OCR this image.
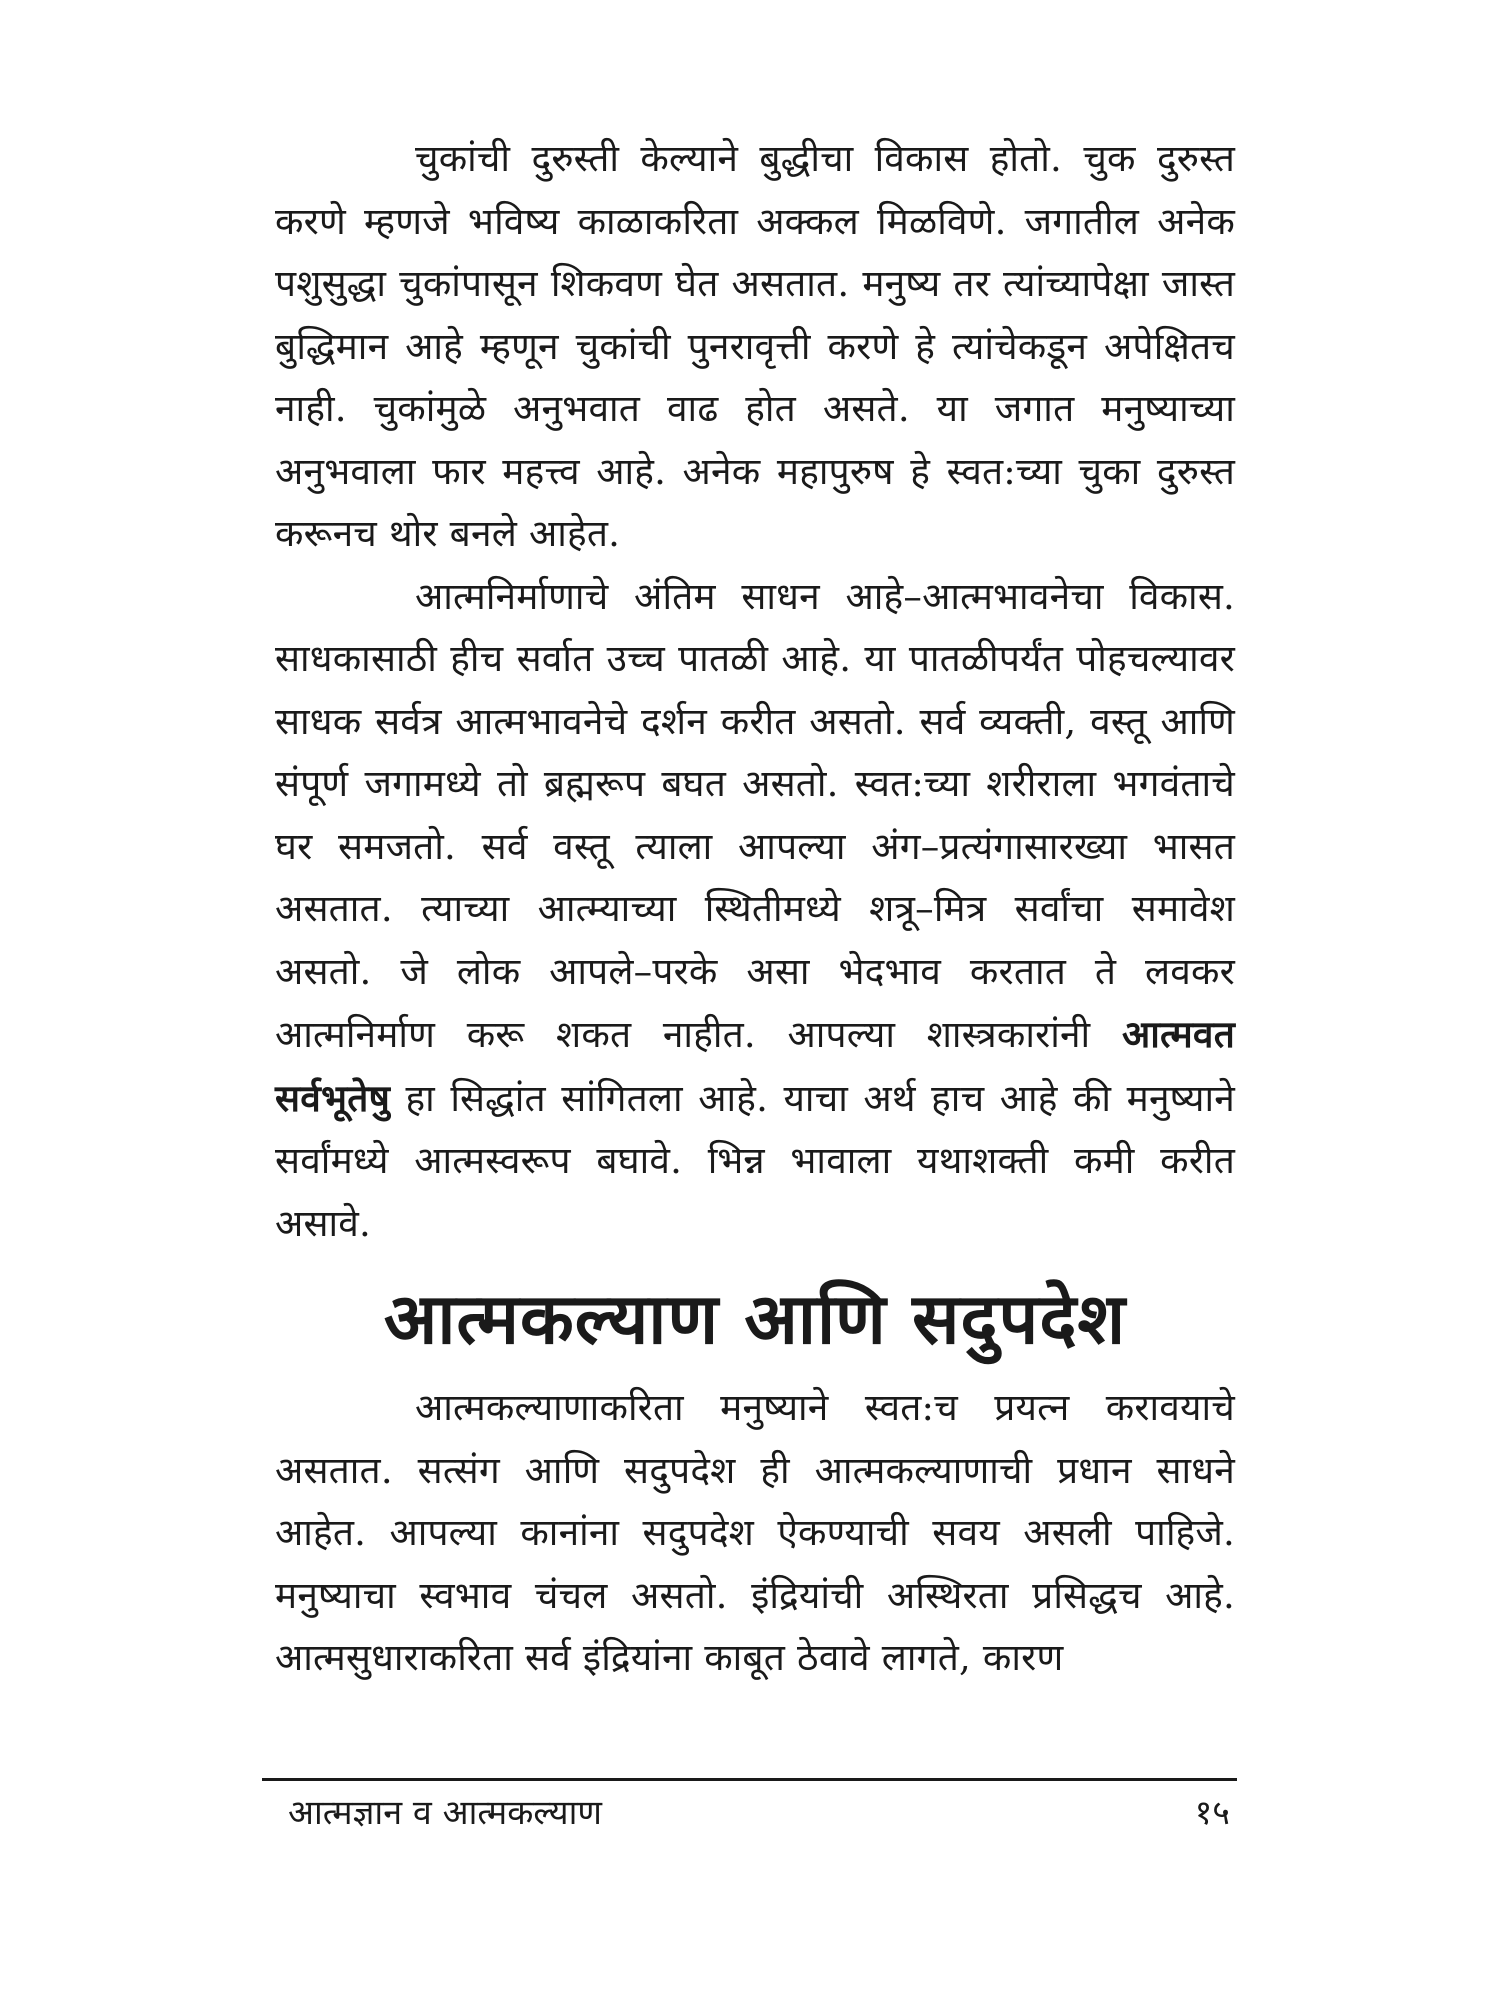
चुकांची दुरुस्ती केल्याने बुद्धीचा विकास होतो. चुक दुरुस्त करणे म्हणजे भविष्य काळाकरिता अक्कल मिळविणे. जगातील अनेक पशुसुद्धा चुकांपासून शिकवण घेत असतात. मनुष्य तर त्यांच्यापेक्षा जास्त बुद्धिमान आहे म्हणून चुकांची पुनरावृत्ती करणे हे त्यांचेकडून अपेक्षितच नाही. चुकांमुळे अनुभवात वाढ होत असते. या जगात मनुष्याच्या अनुभवाला फार महत्त्व आहे. अनेक महापुरुष हे स्वत:च्या चुका दुरुस्त करूनच थोर बनले आहेत.

आत्मनिर्माणाचे अंतिम साधन आहे–आत्मभावनेचा विकास. साधकासाठी हीच सर्वात उच्च पातळी आहे. या पातळीपर्यंत पोहचल्यावर साधक सर्वत्र आत्मभावनेचे दर्शन करीत असतो. सर्व व्यक्ती, वस्तू आणि संपूर्ण जगामध्ये तो ब्रह्मरूप बघत असतो. स्वत:च्या शरीराला भगवंताचे घर समजतो. सर्व वस्तू त्याला आपल्या अंग–प्रत्यंगासारख्या भासत असतात. त्याच्या आत्म्याच्या स्थितीमध्ये शत्रू–मित्र सर्वांचा समावेश असतो. जे लोक आपले–परके असा भेदभाव करतात ते लवकर आत्मनिर्माण करू शकत नाहीत. आपल्या शास्त्रकारांनी आत्मवत सर्वभूतेषु हा सिद्धांत सांगितला आहे. याचा अर्थ हाच आहे की मनुष्याने सर्वांमध्ये आत्मस्वरूप बघावे. भिन्न भावाला यथाशक्ती कमी करीत असावे.

आत्मकल्याण आणि सदुपदेश

आत्मकल्याणाकरिता मनुष्याने स्वत:च प्रयत्न करावयाचे असतात. सत्संग आणि सदुपदेश ही आत्मकल्याणाची प्रधान साधने आहेत. आपल्या कानांना सदुपदेश ऐकण्याची सवय असली पाहिजे. मनुष्याचा स्वभाव चंचल असतो. इंद्रियांची अस्थिरता प्रसिद्धच आहे. आत्मसुधाराकरिता सर्व इंद्रियांना काबूत ठेवावे लागते, कारण

आत्मज्ञान व आत्मकल्याण	१५
